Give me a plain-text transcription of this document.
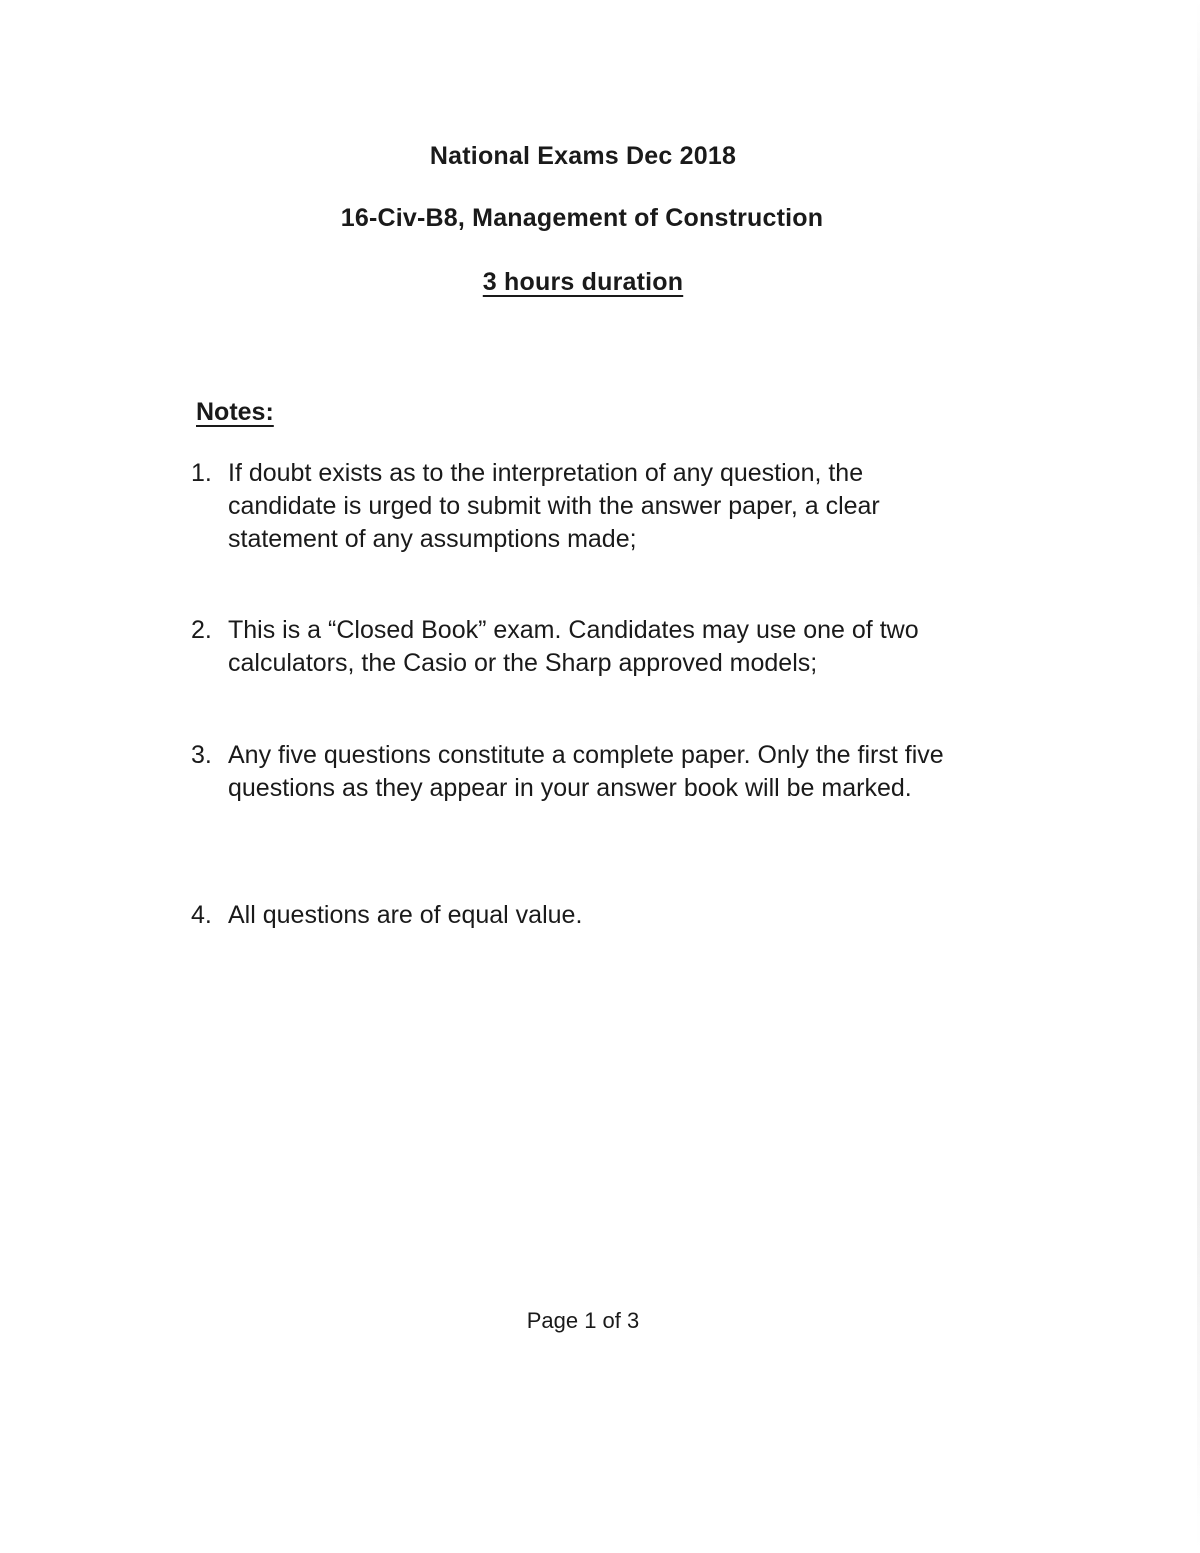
National Exams Dec 2018
16-Civ-B8, Management of Construction
3 hours duration
Notes:
1. If doubt exists as to the interpretation of any question, the candidate is urged to submit with the answer paper, a clear statement of any assumptions made;
2. This is a “Closed Book” exam. Candidates may use one of two calculators, the Casio or the Sharp approved models;
3. Any five questions constitute a complete paper. Only the first five questions as they appear in your answer book will be marked.
4. All questions are of equal value.
Page 1 of 3
